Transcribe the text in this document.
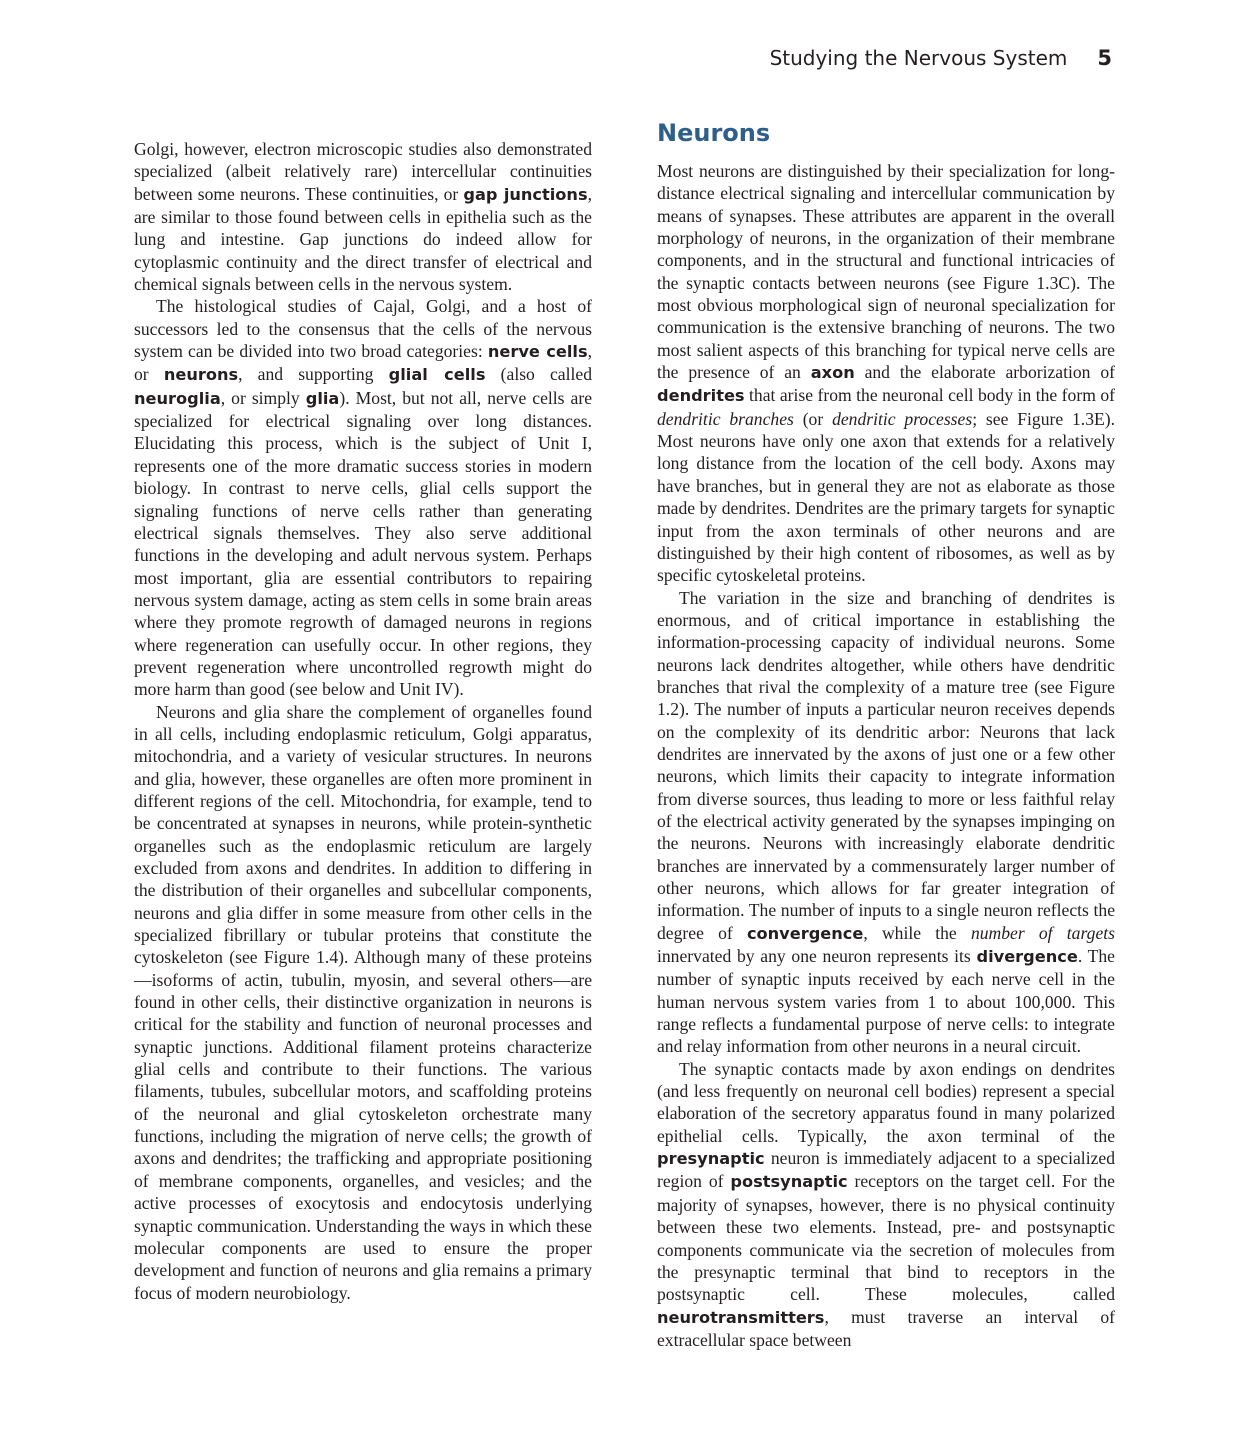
Studying the Nervous System 5

Golgi, however, electron microscopic studies also demonstrated specialized (albeit relatively rare) intercellular continuities between some neurons. These continuities, or gap junctions, are similar to those found between cells in epithelia such as the lung and intestine. Gap junctions do indeed allow for cytoplasmic continuity and the direct transfer of electrical and chemical signals between cells in the nervous system.

The histological studies of Cajal, Golgi, and a host of successors led to the consensus that the cells of the nervous system can be divided into two broad categories: nerve cells, or neurons, and supporting glial cells (also called neuroglia, or simply glia). Most, but not all, nerve cells are specialized for electrical signaling over long distances. Elucidating this process, which is the subject of Unit I, represents one of the more dramatic success stories in modern biology. In contrast to nerve cells, glial cells support the signaling functions of nerve cells rather than generating electrical signals themselves. They also serve additional functions in the developing and adult nervous system. Perhaps most important, glia are essential contributors to repairing nervous system damage, acting as stem cells in some brain areas where they promote regrowth of damaged neurons in regions where regeneration can usefully occur. In other regions, they prevent regeneration where uncontrolled regrowth might do more harm than good (see below and Unit IV).

Neurons and glia share the complement of organelles found in all cells, including endoplasmic reticulum, Golgi apparatus, mitochondria, and a variety of vesicular structures. In neurons and glia, however, these organelles are often more prominent in different regions of the cell. Mitochondria, for example, tend to be concentrated at synapses in neurons, while protein-synthetic organelles such as the endoplasmic reticulum are largely excluded from axons and dendrites. In addition to differing in the distribution of their organelles and subcellular components, neurons and glia differ in some measure from other cells in the specialized fibrillary or tubular proteins that constitute the cytoskeleton (see Figure 1.4). Although many of these proteins—isoforms of actin, tubulin, myosin, and several others—are found in other cells, their distinctive organization in neurons is critical for the stability and function of neuronal processes and synaptic junctions. Additional filament proteins characterize glial cells and contribute to their functions. The various filaments, tubules, subcellular motors, and scaffolding proteins of the neuronal and glial cytoskeleton orchestrate many functions, including the migration of nerve cells; the growth of axons and dendrites; the trafficking and appropriate positioning of membrane components, organelles, and vesicles; and the active processes of exocytosis and endocytosis underlying synaptic communication. Understanding the ways in which these molecular components are used to ensure the proper development and function of neurons and glia remains a primary focus of modern neurobiology.

Neurons

Most neurons are distinguished by their specialization for long-distance electrical signaling and intercellular communication by means of synapses. These attributes are apparent in the overall morphology of neurons, in the organization of their membrane components, and in the structural and functional intricacies of the synaptic contacts between neurons (see Figure 1.3C). The most obvious morphological sign of neuronal specialization for communication is the extensive branching of neurons. The two most salient aspects of this branching for typical nerve cells are the presence of an axon and the elaborate arborization of dendrites that arise from the neuronal cell body in the form of dendritic branches (or dendritic processes; see Figure 1.3E). Most neurons have only one axon that extends for a relatively long distance from the location of the cell body. Axons may have branches, but in general they are not as elaborate as those made by dendrites. Dendrites are the primary targets for synaptic input from the axon terminals of other neurons and are distinguished by their high content of ribosomes, as well as by specific cytoskeletal proteins.

The variation in the size and branching of dendrites is enormous, and of critical importance in establishing the information-processing capacity of individual neurons. Some neurons lack dendrites altogether, while others have dendritic branches that rival the complexity of a mature tree (see Figure 1.2). The number of inputs a particular neuron receives depends on the complexity of its dendritic arbor: Neurons that lack dendrites are innervated by the axons of just one or a few other neurons, which limits their capacity to integrate information from diverse sources, thus leading to more or less faithful relay of the electrical activity generated by the synapses impinging on the neurons. Neurons with increasingly elaborate dendritic branches are innervated by a commensurately larger number of other neurons, which allows for far greater integration of information. The number of inputs to a single neuron reflects the degree of convergence, while the number of targets innervated by any one neuron represents its divergence. The number of synaptic inputs received by each nerve cell in the human nervous system varies from 1 to about 100,000. This range reflects a fundamental purpose of nerve cells: to integrate and relay information from other neurons in a neural circuit.

The synaptic contacts made by axon endings on dendrites (and less frequently on neuronal cell bodies) represent a special elaboration of the secretory apparatus found in many polarized epithelial cells. Typically, the axon terminal of the presynaptic neuron is immediately adjacent to a specialized region of postsynaptic receptors on the target cell. For the majority of synapses, however, there is no physical continuity between these two elements. Instead, pre- and postsynaptic components communicate via the secretion of molecules from the presynaptic terminal that bind to receptors in the postsynaptic cell. These molecules, called neurotransmitters, must traverse an interval of extracellular space between
